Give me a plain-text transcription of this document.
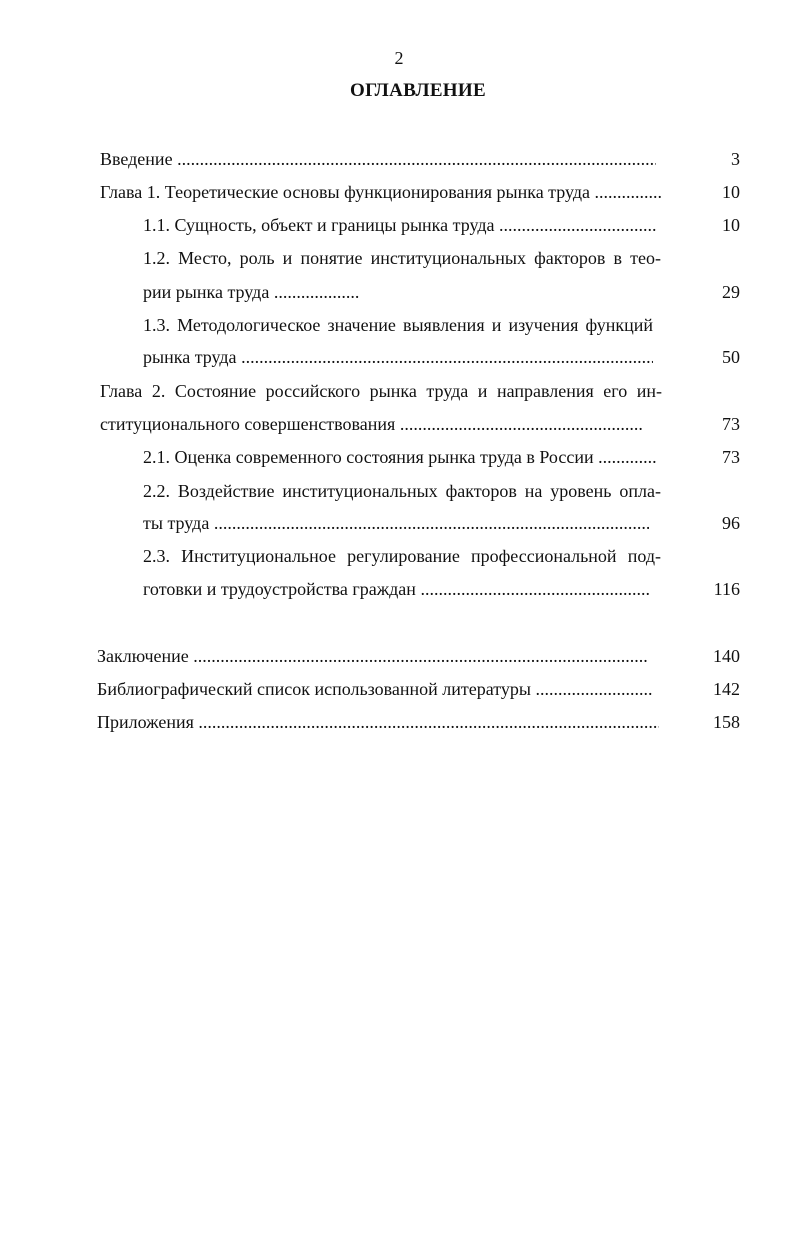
2
ОГЛАВЛЕНИЕ
Введение .....	3
Глава 1. Теоретические основы функционирования рынка труда .....	10
1.1. Сущность, объект и границы рынка труда .....	10
1.2. Место, роль и понятие институциональных факторов в тео-
рии рынка труда .....	29
1.3. Методологическое значение выявления и изучения функций
рынка труда .....	50
Глава 2. Состояние российского рынка труда и направления его ин-
ституционального совершенствования .....	73
2.1. Оценка современного состояния рынка труда в России .....	73
2.2. Воздействие институциональных факторов на уровень опла-
ты труда .....	96
2.3. Институциональное регулирование профессиональной под-
готовки и трудоустройства граждан .....	116
Заключение .....	140
Библиографический список использованной литературы .....	142
Приложения .....	158
